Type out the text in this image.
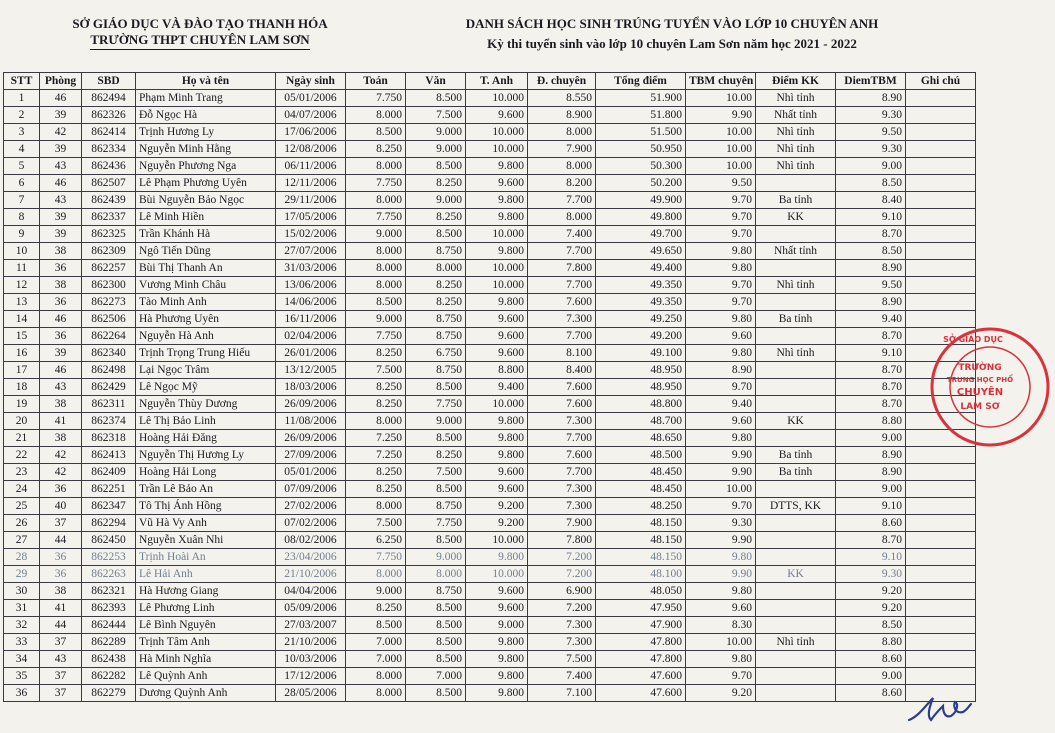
SỞ GIÁO DỤC VÀ ĐÀO TẠO THANH HÓA
TRƯỜNG THPT CHUYÊN LAM SƠN
DANH SÁCH HỌC SINH TRÚNG TUYỂN VÀO LỚP 10 CHUYÊN ANH
Kỳ thi tuyển sinh vào lớp 10 chuyên Lam Sơn năm học 2021 - 2022
STT	Phòng	SBD	Họ và tên	Ngày sinh	Toán	Văn	T. Anh	Đ. chuyên	Tổng điểm	TBM chuyên	Điểm KK	DiemTBM	Ghi chú
1	46	862494	Phạm Minh Trang	05/01/2006	7.750	8.500	10.000	8.550	51.900	10.00	Nhì tỉnh	8.90	
2	39	862326	Đỗ Ngọc Hà	04/07/2006	8.000	7.500	9.600	8.900	51.800	9.90	Nhất tỉnh	9.30	
3	42	862414	Trịnh Hương Ly	17/06/2006	8.500	9.000	10.000	8.000	51.500	10.00	Nhì tỉnh	9.50	
4	39	862334	Nguyễn Minh Hằng	12/08/2006	8.250	9.000	10.000	7.900	50.950	10.00	Nhì tỉnh	9.30	
5	43	862436	Nguyễn Phương Nga	06/11/2006	8.000	8.500	9.800	8.000	50.300	10.00	Nhì tỉnh	9.00	
6	46	862507	Lê Phạm Phương Uyên	12/11/2006	7.750	8.250	9.600	8.200	50.200	9.50		8.50	
7	43	862439	Bùi Nguyễn Bảo Ngọc	29/11/2006	8.000	9.000	9.800	7.700	49.900	9.70	Ba tỉnh	8.40	
8	39	862337	Lê Minh Hiền	17/05/2006	7.750	8.250	9.800	8.000	49.800	9.70	KK	9.10	
9	39	862325	Trần Khánh Hà	15/02/2006	9.000	8.500	10.000	7.400	49.700	9.70		8.70	
10	38	862309	Ngô Tiến Dũng	27/07/2006	8.000	8.750	9.800	7.700	49.650	9.80	Nhất tỉnh	8.50	
11	36	862257	Bùi Thị Thanh An	31/03/2006	8.000	8.000	10.000	7.800	49.400	9.80		8.90	
12	38	862300	Vương Minh Châu	13/06/2006	8.000	8.250	10.000	7.700	49.350	9.70	Nhì tỉnh	9.50	
13	36	862273	Tào Minh Anh	14/06/2006	8.500	8.250	9.800	7.600	49.350	9.70		8.90	
14	46	862506	Hà Phương Uyên	16/11/2006	9.000	8.750	9.600	7.300	49.250	9.80	Ba tỉnh	9.40	
15	36	862264	Nguyễn Hà Anh	02/04/2006	7.750	8.750	9.600	7.700	49.200	9.60		8.70	
16	39	862340	Trịnh Trọng Trung Hiếu	26/01/2006	8.250	6.750	9.600	8.100	49.100	9.80	Nhì tỉnh	9.10	
17	46	862498	Lại Ngọc Trâm	13/12/2005	7.500	8.750	8.800	8.400	48.950	8.90		8.70	
18	43	862429	Lê Ngọc Mỹ	18/03/2006	8.250	8.500	9.400	7.600	48.950	9.70		8.70	
19	38	862311	Nguyễn Thùy Dương	26/09/2006	8.250	7.750	10.000	7.600	48.800	9.40		8.70	
20	41	862374	Lê Thị Bảo Linh	11/08/2006	8.000	9.000	9.800	7.300	48.700	9.60	KK	8.80	
21	38	862318	Hoàng Hải Đăng	26/09/2006	7.250	8.500	9.800	7.700	48.650	9.80		9.00	
22	42	862413	Nguyễn Thị Hương Ly	27/09/2006	7.250	8.250	9.800	7.600	48.500	9.90	Ba tỉnh	8.90	
23	42	862409	Hoàng Hải Long	05/01/2006	8.250	7.500	9.600	7.700	48.450	9.90	Ba tỉnh	8.90	
24	36	862251	Trần Lê Bảo An	07/09/2006	8.250	8.500	9.600	7.300	48.450	10.00		9.00	
25	40	862347	Tô Thị Ánh Hồng	27/02/2006	8.000	8.750	9.200	7.300	48.250	9.70	DTTS, KK	9.10	
26	37	862294	Vũ Hà Vy Anh	07/02/2006	7.500	7.750	9.200	7.900	48.150	9.30		8.60	
27	44	862450	Nguyễn Xuân Nhi	08/02/2006	6.250	8.500	10.000	7.800	48.150	9.90		8.70	
28	36	862253	Trịnh Hoài An	23/04/2006	7.750	9.000	9.800	7.200	48.150	9.80		9.10	
29	36	862263	Lê Hải Anh	21/10/2006	8.000	8.000	10.000	7.200	48.100	9.90	KK	9.30	
30	38	862321	Hà Hương Giang	04/04/2006	9.000	8.750	9.600	6.900	48.050	9.80		9.20	
31	41	862393	Lê Phương Linh	05/09/2006	8.250	8.500	9.600	7.200	47.950	9.60		9.20	
32	44	862444	Lê Bình Nguyên	27/03/2007	8.500	8.500	9.000	7.300	47.900	8.30		8.50	
33	37	862289	Trịnh Tâm Anh	21/10/2006	7.000	8.500	9.800	7.300	47.800	10.00	Nhì tỉnh	8.80	
34	43	862438	Hà Minh Nghĩa	10/03/2006	7.000	8.500	9.800	7.500	47.800	9.80		8.60	
35	37	862282	Lê Quỳnh Anh	17/12/2006	8.000	7.000	9.800	7.400	47.600	9.70		9.00	
36	37	862279	Dương Quỳnh Anh	28/05/2006	8.000	8.500	9.800	7.100	47.600	9.20		8.60	
SỞ GIÁO DỤC
TRƯỜNG
TRUNG HỌC PHỔ
CHUYÊN
LAM SƠ
